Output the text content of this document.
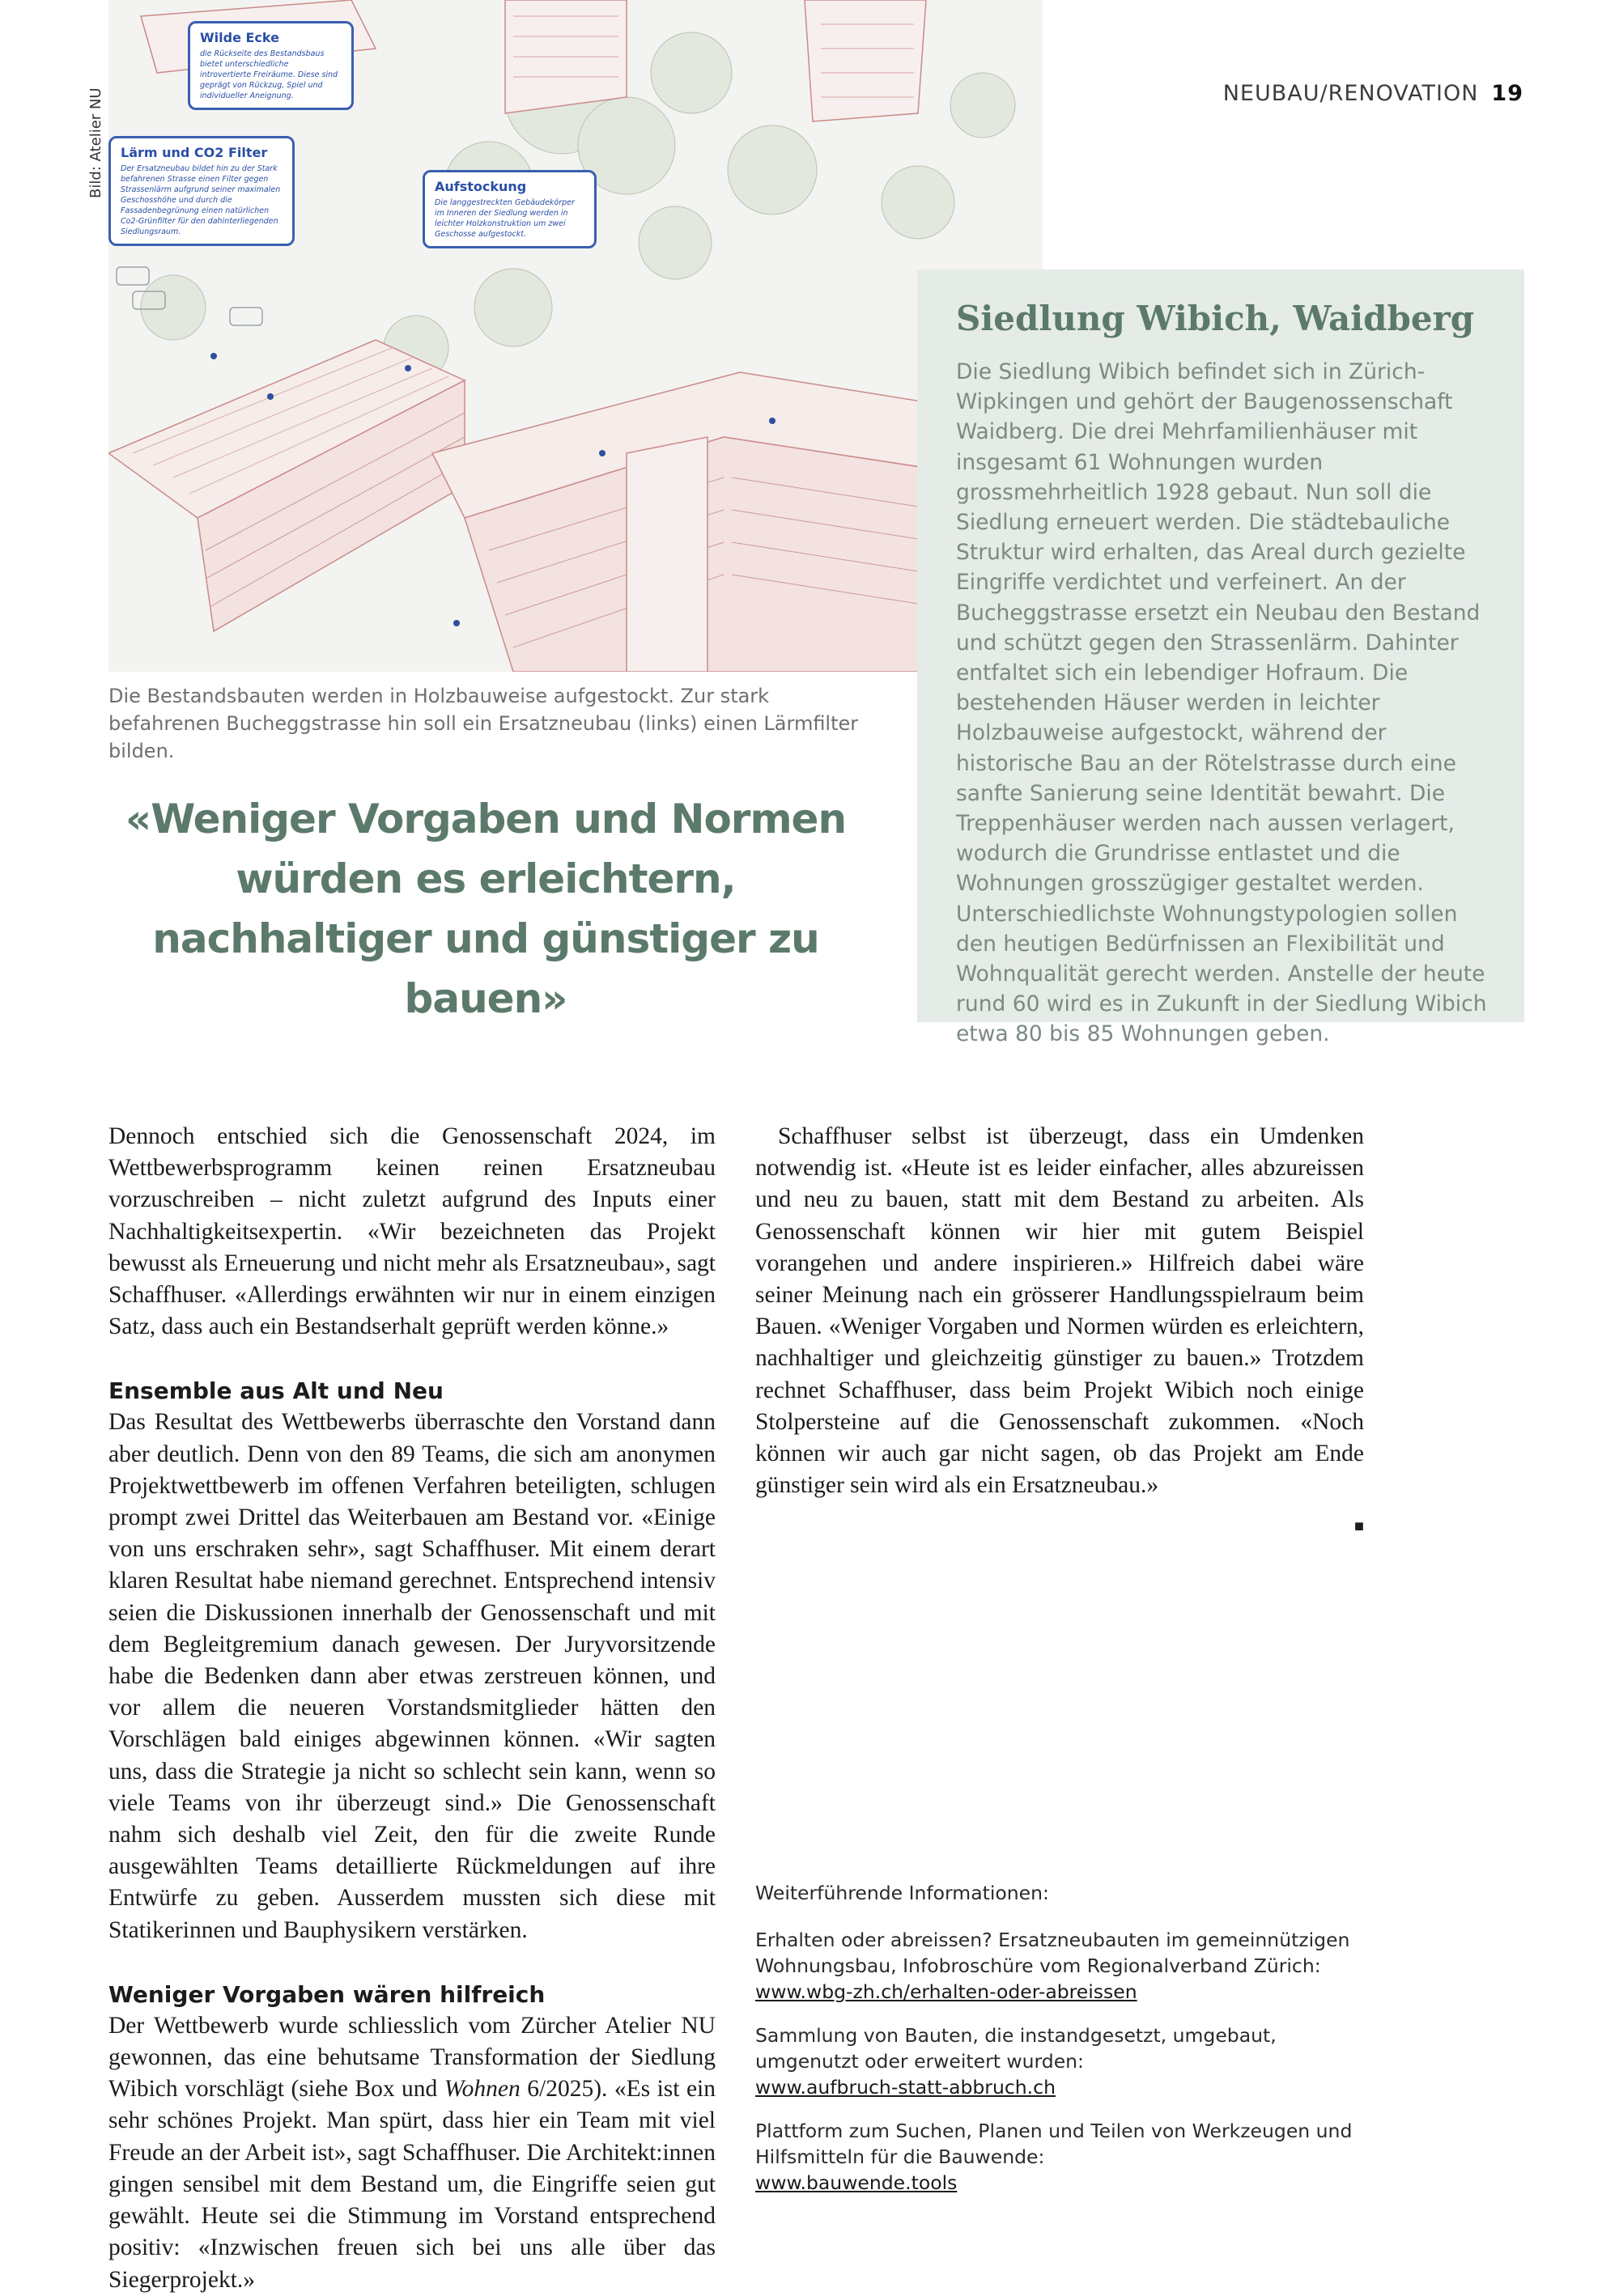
NEUBAU/RENOVATION 19
Bild: Atelier NU
Wilde Ecke
die Rückseite des Bestandsbaus bietet unterschiedliche introvertierte Freiräume. Diese sind geprägt von Rückzug, Spiel und individueller Aneignung.
Lärm und CO2 Filter
Der Ersatzneubau bildet hin zu der Stark befahrenen Strasse einen Filter gegen Strassenlärm aufgrund seiner maximalen Geschosshöhe und durch die Fassadenbegrünung einen natürlichen Co2-Grünfilter für den dahinterliegenden Siedlungsraum.
Aufstockung
Die langgestreckten Gebäudekörper im Inneren der Siedlung werden in leichter Holzkonstruktion um zwei Geschosse aufgestockt.
Die Bestandsbauten werden in Holzbauweise aufgestockt. Zur stark befahrenen Bucheggstrasse hin soll ein Ersatzneubau (links) einen Lärmfilter bilden.
«Weniger Vorgaben und Normen würden es erleichtern, nachhaltiger und günstiger zu bauen»
Siedlung Wibich, Waidberg

Die Siedlung Wibich befindet sich in Zürich-Wipkingen und gehört der Baugenossenschaft Waidberg. Die drei Mehrfamilienhäuser mit insgesamt 61 Wohnungen wurden grossmehrheitlich 1928 gebaut. Nun soll die Siedlung erneuert werden. Die städtebauliche Struktur wird erhalten, das Areal durch gezielte Eingriffe verdichtet und verfeinert. An der Bucheggstrasse ersetzt ein Neubau den Bestand und schützt gegen den Strassenlärm. Dahinter entfaltet sich ein lebendiger Hofraum. Die bestehenden Häuser werden in leichter Holzbauweise aufgestockt, während der historische Bau an der Rötelstrasse durch eine sanfte Sanierung seine Identität bewahrt. Die Treppenhäuser werden nach aussen verlagert, wodurch die Grundrisse entlastet und die Wohnungen grosszügiger gestaltet werden. Unterschiedlichste Wohnungstypologien sollen den heutigen Bedürfnissen an Flexibilität und Wohnqualität gerecht werden. Anstelle der heute rund 60 wird es in Zukunft in der Siedlung Wibich etwa 80 bis 85 Wohnungen geben.

Dennoch entschied sich die Genossenschaft 2024, im Wettbewerbsprogramm keinen reinen Ersatzneubau vorzuschreiben – nicht zuletzt aufgrund des Inputs einer Nachhaltigkeitsexpertin. «Wir bezeichneten das Projekt bewusst als Erneuerung und nicht mehr als Ersatzneubau», sagt Schaffhuser. «Allerdings erwähnten wir nur in einem einzigen Satz, dass auch ein Bestandserhalt geprüft werden könne.»

Ensemble aus Alt und Neu

Das Resultat des Wettbewerbs überraschte den Vorstand dann aber deutlich. Denn von den 89 Teams, die sich am anonymen Projektwettbewerb im offenen Verfahren beteiligten, schlugen prompt zwei Drittel das Weiterbauen am Bestand vor. «Einige von uns erschraken sehr», sagt Schaffhuser. Mit einem derart klaren Resultat habe niemand gerechnet. Entsprechend intensiv seien die Diskussionen innerhalb der Genossenschaft und mit dem Begleitgremium danach gewesen. Der Juryvorsitzende habe die Bedenken dann aber etwas zerstreuen können, und vor allem die neueren Vorstandsmitglieder hätten den Vorschlägen bald einiges abgewinnen können. «Wir sagten uns, dass die Strategie ja nicht so schlecht sein kann, wenn so viele Teams von ihr überzeugt sind.» Die Genossenschaft nahm sich deshalb viel Zeit, den für die zweite Runde ausgewählten Teams detaillierte Rückmeldungen auf ihre Entwürfe zu geben. Ausserdem mussten sich diese mit Statikerinnen und Bauphysikern verstärken.

Weniger Vorgaben wären hilfreich

Der Wettbewerb wurde schliesslich vom Zürcher Atelier NU gewonnen, das eine behutsame Transformation der Siedlung Wibich vorschlägt (siehe Box und Wohnen 6/2025). «Es ist ein sehr schönes Projekt. Man spürt, dass hier ein Team mit viel Freude an der Arbeit ist», sagt Schaffhuser. Die Architekt:innen gingen sensibel mit dem Bestand um, die Eingriffe seien gut gewählt. Heute sei die Stimmung im Vorstand entsprechend positiv: «Inzwischen freuen sich bei uns alle über das Siegerprojekt.»

Schaffhuser selbst ist überzeugt, dass ein Umdenken notwendig ist. «Heute ist es leider einfacher, alles abzureissen und neu zu bauen, statt mit dem Bestand zu arbeiten. Als Genossenschaft können wir hier mit gutem Beispiel vorangehen und andere inspirieren.» Hilfreich dabei wäre seiner Meinung nach ein grösserer Handlungsspielraum beim Bauen. «Weniger Vorgaben und Normen würden es erleichtern, nachhaltiger und gleichzeitig günstiger zu bauen.» Trotzdem rechnet Schaffhuser, dass beim Projekt Wibich noch einige Stolpersteine auf die Genossenschaft zukommen. «Noch können wir auch gar nicht sagen, ob das Projekt am Ende günstiger sein wird als ein Ersatzneubau.»

■
Weiterführende Informationen:
Erhalten oder abreissen? Ersatzneubauten im gemeinnützigen Wohnungsbau, Infobroschüre vom Regionalverband Zürich:
www.wbg-zh.ch/erhalten-oder-abreissen
Sammlung von Bauten, die instandgesetzt, umgebaut, umgenutzt oder erweitert wurden:
www.aufbruch-statt-abbruch.ch
Plattform zum Suchen, Planen und Teilen von Werkzeugen und Hilfsmitteln für die Bauwende:
www.bauwende.tools
